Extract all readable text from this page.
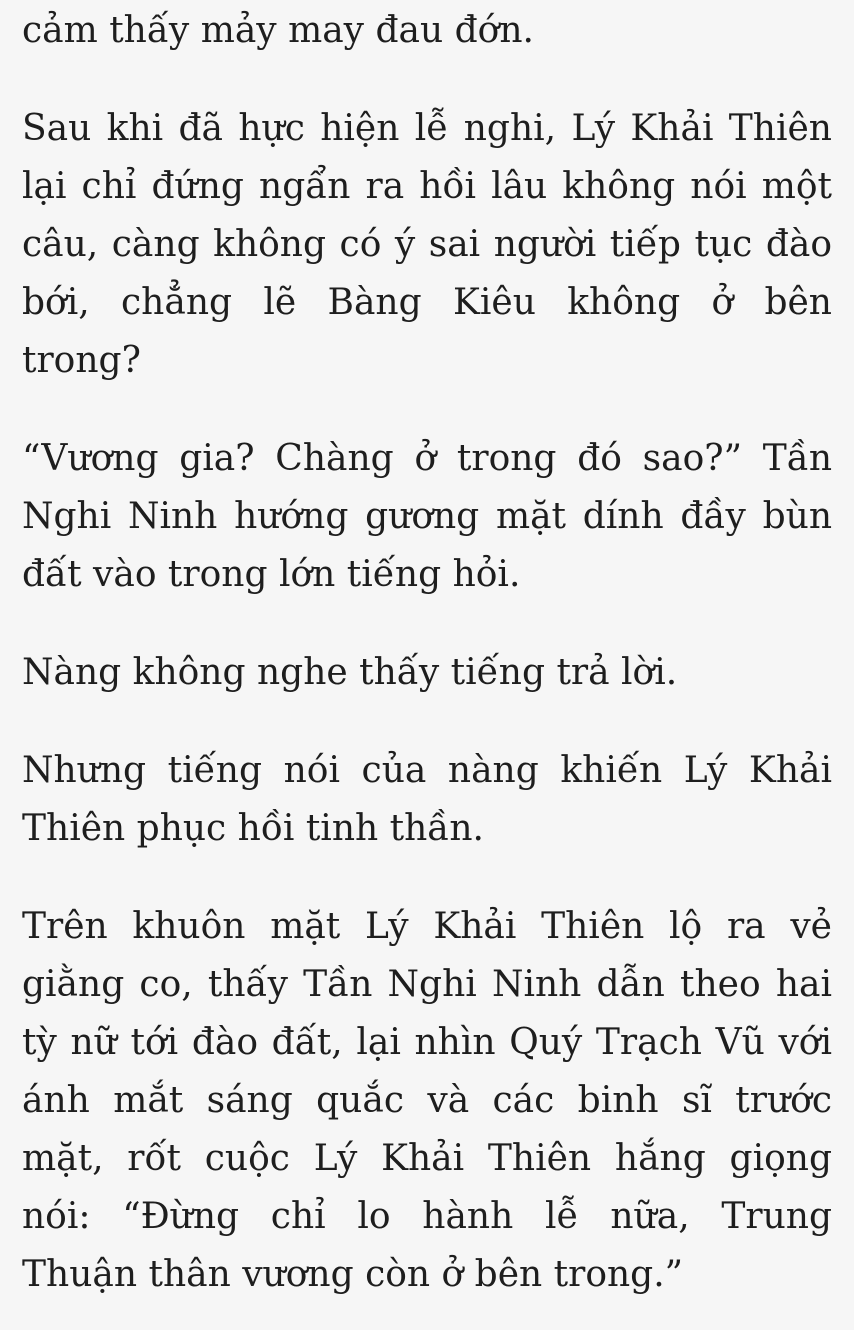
cảm thấy mảy may đau đớn.
Sau khi đã hực hiện lễ nghi, Lý Khải Thiên
lại chỉ đứng ngẩn ra hồi lâu không nói một
câu, càng không có ý sai người tiếp tục đào
bới, chẳng lẽ Bàng Kiêu không ở bên
trong?
“Vương gia? Chàng ở trong đó sao?” Tần
Nghi Ninh hướng gương mặt dính đầy bùn
đất vào trong lớn tiếng hỏi.
Nàng không nghe thấy tiếng trả lời.
Nhưng tiếng nói của nàng khiến Lý Khải
Thiên phục hồi tinh thần.
Trên khuôn mặt Lý Khải Thiên lộ ra vẻ
giằng co, thấy Tần Nghi Ninh dẫn theo hai
tỳ nữ tới đào đất, lại nhìn Quý Trạch Vũ với
ánh mắt sáng quắc và các binh sĩ trước
mặt, rốt cuộc Lý Khải Thiên hắng giọng
nói: “Đừng chỉ lo hành lễ nữa, Trung
Thuận thân vương còn ở bên trong.”
